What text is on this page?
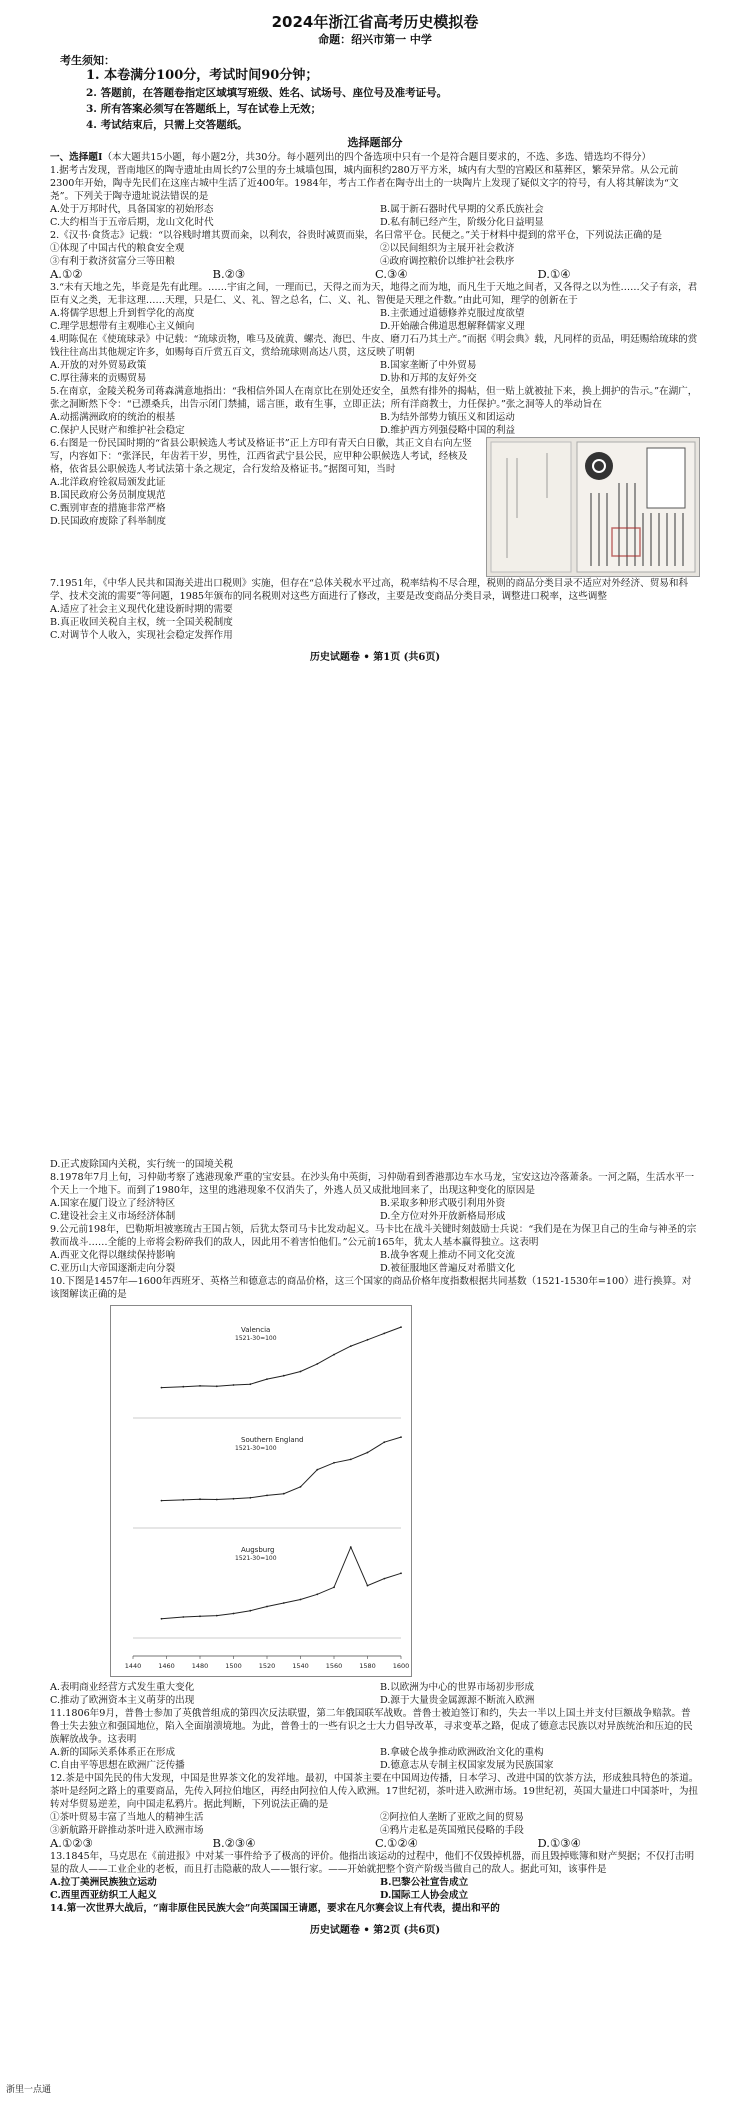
2024年浙江省高考历史模拟卷
命题：绍兴市第一 中学
考生须知：
1. 本卷满分100分，考试时间90分钟；
2. 答题前，在答题卷指定区域填写班级、姓名、试场号、座位号及准考证号。
3. 所有答案必须写在答题纸上，写在试卷上无效；
4. 考试结束后，只需上交答题纸。
选择题部分

一、选择题Ⅰ（本大题共15小题，每小题2分，共30分。每小题列出的四个备选项中只有一个是符合题目要求的，不选、多选、错选均不得分）

1.据考古发现，晋南地区的陶寺遗址由周长约7公里的夯土城墙包围，城内面积约280万平方米，城内有大型的宫殿区和墓葬区，繁荣异常。从公元前2300年开始，陶寺先民们在这座古城中生活了近400年。1984年，考古工作者在陶寺出土的一块陶片上发现了疑似文字的符号，有人将其解读为“文尧”。下列关于陶寺遗址说法错误的是

A.处于万邦时代，具备国家的初始形态	B.属于新石器时代早期的父系氏族社会
C.大约相当于五帝后期，龙山文化时代	D.私有制已经产生，阶级分化日益明显

2.《汉书·食货志》记载：“以谷贱时增其贾而籴，以利农，谷贵时减贾而粜，名曰常平仓。民便之。”关于材料中提到的常平仓，下列说法正确的是

①体现了中国古代的粮食安全观	②以民间组织为主展开社会救济
③有利于救济贫富分三等田粮	④政府调控粮价以维护社会秩序
A.①②	B.②③	C.③④	D.①④

3.“未有天地之先，毕竟是先有此理。……宇宙之间，一理而已，天得之而为天，地得之而为地，而凡生于天地之间者，又各得之以为性……父子有亲，君臣有义之类，无非这理……天理，只是仁、义、礼、智之总名，仁、义、礼、智便是天理之件数。”由此可知，理学的创新在于

A.将儒学思想上升到哲学化的高度	B.主张通过道德修养克服过度欲望
C.理学思想带有主观唯心主义倾向	D.开始融合佛道思想解释儒家义理

4.明陈侃在《使琉球录》中记载：“琉球贡物，唯马及硫黄、螺壳、海巴、牛皮、磨刀石乃其土产。”而据《明会典》载，凡同样的贡品，明廷赐给琉球的赏钱往往高出其他规定许多，如赐每百斤赏五百文，赏给琉球则高达八贯，这反映了明朝

A.开放的对外贸易政策	B.国家垄断了中外贸易
C.厚往薄来的贡赐贸易	D.协和万邦的友好外交

5.在南京，金陵关税务司蒋森满意地指出：“我相信外国人在南京比在别处还安全，虽然有排外的揭帖，但一贴上就被扯下来，换上拥护的告示。”在湖广，张之洞断然下令：“已漂桑兵，出告示闭门禁捕，谣言匪，敢有生事，立即正法；所有洋商教士，力任保护。”张之洞等人的举动旨在

A.动摇满洲政府的统治的根基	B.为结外部势力镇压义和团运动
C.保护人民财产和维护社会稳定	D.维护西方列强侵略中国的利益

6.右图是一份民国时期的“省县公职候选人考试及格证书”正上方印有青天白日徽，其正文自右向左竖写，内容如下：“张泽民，年齿若干岁，男性，江西省武宁县公民，应甲种公职候选人考试，经核及格，依省县公职候选人考试法第十条之规定，合行发给及格证书。”据图可知，当时

A.北洋政府铨叙局颁发此证

B.国民政府公务员制度规范

C.甄别审查的措施非常严格

D.民国政府废除了科举制度

7.1951年，《中华人民共和国海关进出口税则》实施，但存在“总体关税水平过高，税率结构不尽合理，税则的商品分类目录不适应对外经济、贸易和科学、技术交流的需要”等问题，1985年颁布的同名税则对这些方面进行了修改，主要是改变商品分类目录，调整进口税率，这些调整

A.适应了社会主义现代化建设新时期的需要

B.真正收回关税自主权，统一全国关税制度

C.对调节个人收入，实现社会稳定发挥作用

历史试题卷 • 第1页 (共6页)

D.正式废除国内关税，实行统一的国境关税

8.1978年7月上旬，习仲勋考察了逃港现象严重的宝安县。在沙头角中英街，习仲勋看到香港那边车水马龙，宝安这边冷落萧条。一河之隔，生活水平一个天上一个地下。而到了1980年，这里的逃港现象不仅消失了，外逃人员又成批地回来了，出现这种变化的原因是

A.国家在厦门设立了经济特区	B.采取多种形式吸引利用外资
C.建设社会主义市场经济体制	D.全方位对外开放新格局形成

9.公元前198年，巴勒斯坦被塞琉古王国占领，后犹太祭司马卡比发动起义。马卡比在战斗关键时刻鼓励士兵说：“我们是在为保卫自己的生命与神圣的宗教而战斗……全能的上帝将会粉碎我们的敌人，因此用不着害怕他们。”公元前165年，犹太人基本赢得独立。这表明

A.西亚文化得以继续保持影响	B.战争客观上推动不同文化交流
C.亚历山大帝国逐渐走向分裂	D.被征服地区普遍反对希腊文化

10.下图是1457年—1600年西班牙、英格兰和德意志的商品价格，这三个国家的商品价格年度指数根据共同基数（1521-1530年=100）进行换算。对该图解读正确的是

Valencia
1521-30=100
Southern England
1521-30=100
Augsburg
1521-30=100
1440	1460	1480	1500	1520	1540	1560	1580	1600
A.表明商业经营方式发生重大变化	B.以欧洲为中心的世界市场初步形成
C.推动了欧洲资本主义萌芽的出现	D.源于大量贵金属源源不断流入欧洲

11.1806年9月，普鲁士参加了英俄普组成的第四次反法联盟，第二年俄国联军战败。普鲁士被迫签订和约，失去一半以上国土并支付巨额战争赔款。普鲁士失去独立和强国地位，陷入全面崩溃境地。为此，普鲁士的一些有识之士大力倡导改革，寻求变革之路，促成了德意志民族以对异族统治和压迫的民族解放战争。这表明

A.新的国际关系体系正在形成	B.拿破仑战争推动欧洲政治文化的重构
C.自由平等思想在欧洲广泛传播	D.德意志从专制主权国家发展为民族国家

12.茶是中国先民的伟大发现，中国是世界茶文化的发祥地。最初，中国茶主要在中国周边传播，日本学习、改进中国的饮茶方法，形成独具特色的茶道。茶叶是经阿之路上的重要商品，先传入阿拉伯地区，再经由阿拉伯人传入欧洲。17世纪初，茶叶进入欧洲市场。19世纪初，英国大量进口中国茶叶，为扭转对华贸易逆差，向中国走私鸦片。据此判断，下列说法正确的是

①茶叶贸易丰富了当地人的精神生活	②阿拉伯人垄断了亚欧之间的贸易
③新航路开辟推动茶叶进入欧洲市场	④鸦片走私是英国殖民侵略的手段
A.①②③	B.②③④	C.①②④	D.①③④

13.1845年，马克思在《前进报》中对某一事件给予了极高的评价。他指出该运动的过程中，他们不仅毁掉机器，而且毁掉账簿和财产契据；不仅打击明显的敌人——工业企业的老板，而且打击隐蔽的敌人——银行家。——开始就把整个资产阶级当做自己的敌人。据此可知，该事件是

A.拉丁美洲民族独立运动	B.巴黎公社宣告成立
C.西里西亚纺织工人起义	D.国际工人协会成立

14.第一次世界大战后，“南非原住民民族大会”向英国国王请愿，要求在凡尔赛会议上有代表，提出和平的

历史试题卷 • 第2页 (共6页)
浙里一点通
